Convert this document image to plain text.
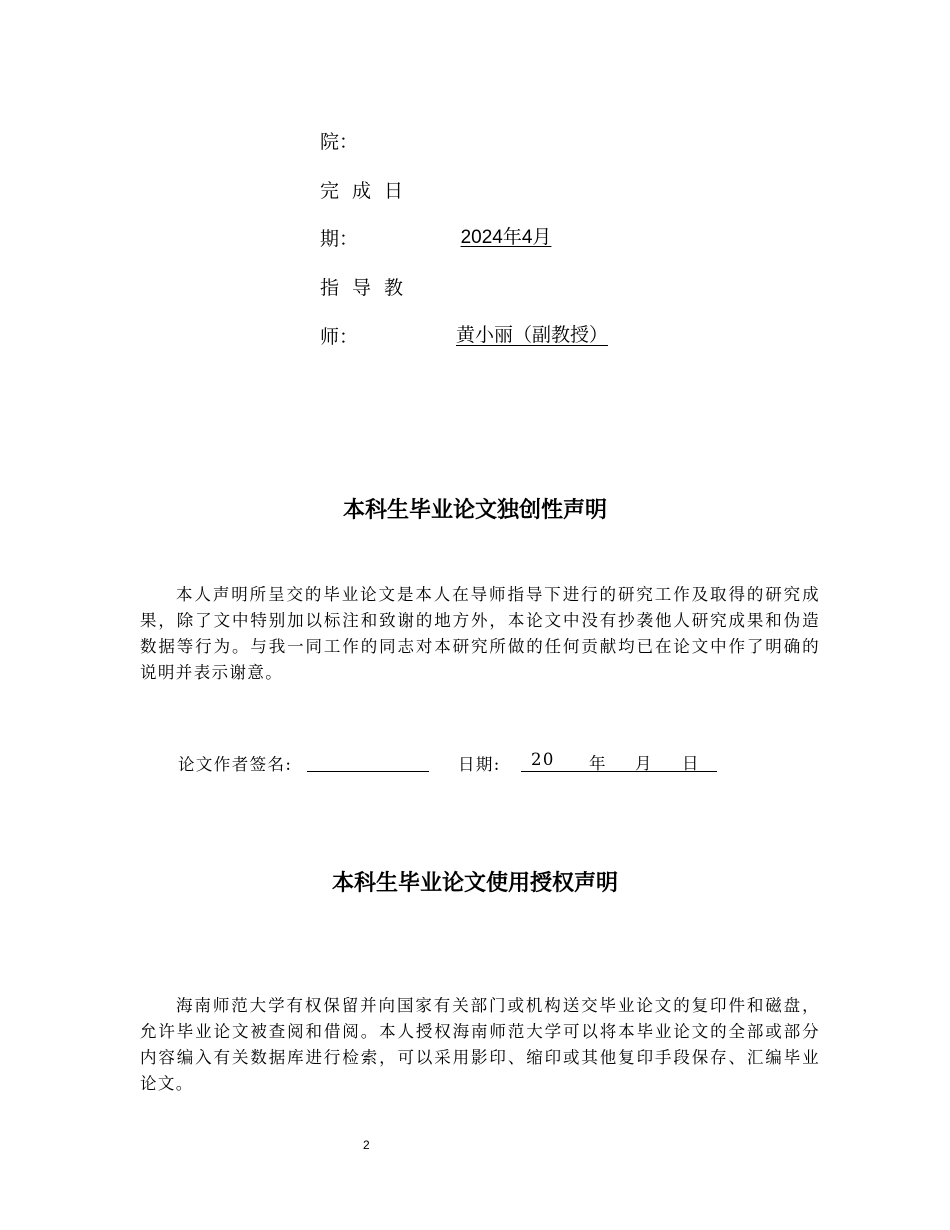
院：
完成日
期：	2024年4月
指导教
师：	黄小丽（副教授）
本科生毕业论文独创性声明
本人声明所呈交的毕业论文是本人在导师指导下进行的研究工作及取得的研究成果，除了文中特别加以标注和致谢的地方外，本论文中没有抄袭他人研究成果和伪造数据等行为。与我一同工作的同志对本研究所做的任何贡献均已在论文中作了明确的说明并表示谢意。
论文作者签名:	日期: 20 年 月 日
本科生毕业论文使用授权声明
海南师范大学有权保留并向国家有关部门或机构送交毕业论文的复印件和磁盘，允许毕业论文被查阅和借阅。本人授权海南师范大学可以将本毕业论文的全部或部分内容编入有关数据库进行检索，可以采用影印、缩印或其他复印手段保存、汇编毕业论文。
2
